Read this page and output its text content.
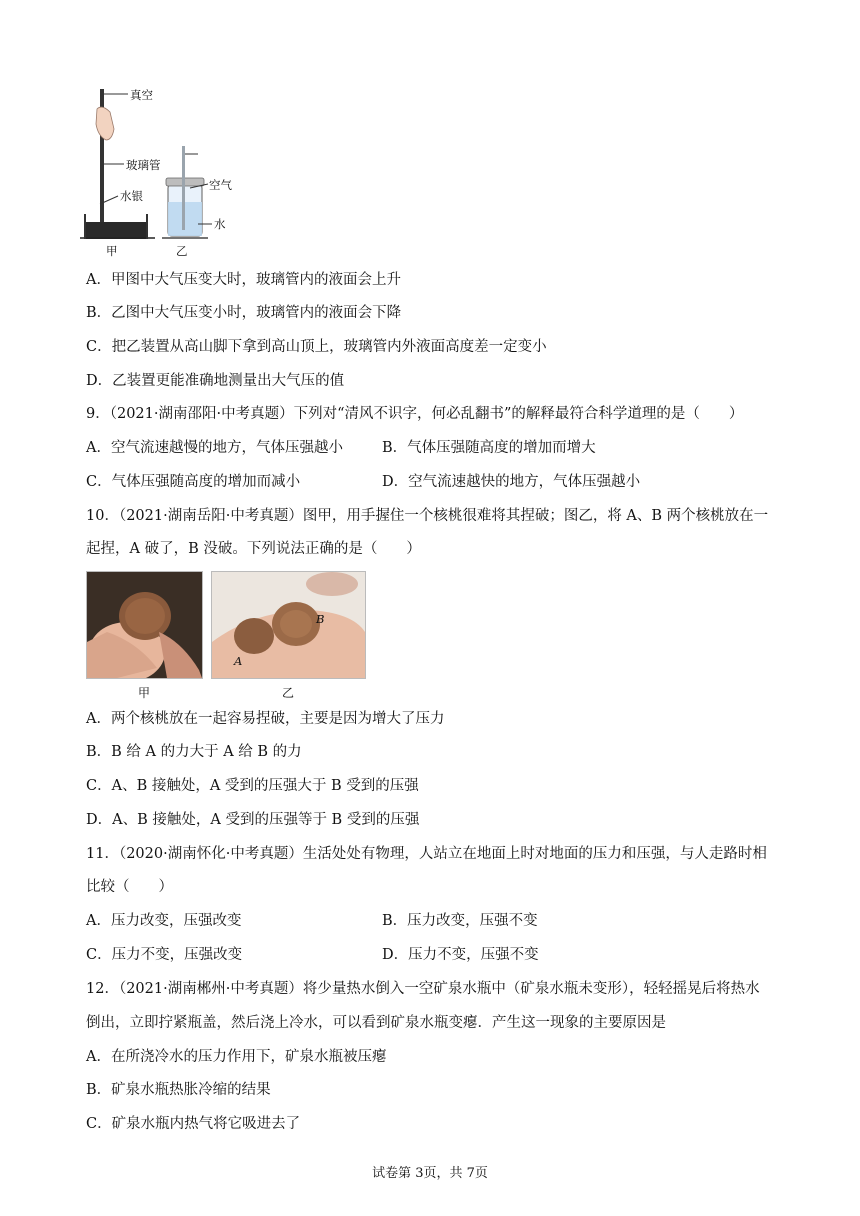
真空
玻璃管
水银
空气
水
甲	乙
A．甲图中大气压变大时，玻璃管内的液面会上升
B．乙图中大气压变小时，玻璃管内的液面会下降
C．把乙装置从高山脚下拿到高山顶上，玻璃管内外液面高度差一定变小
D．乙装置更能准确地测量出大气压的值
9．（2021·湖南邵阳·中考真题）下列对“清风不识字，何必乱翻书”的解释最符合科学道理的是（　　）
A．空气流速越慢的地方，气体压强越小	B．气体压强随高度的增加而增大
C．气体压强随高度的增加而减小	D．空气流速越快的地方，气体压强越小
10．（2021·湖南岳阳·中考真题）图甲，用手握住一个核桃很难将其捏破；图乙，将 A、B 两个核桃放在一
起捏，A 破了，B 没破。下列说法正确的是（　　）
A
B
甲	乙
A．两个核桃放在一起容易捏破，主要是因为增大了压力
B．B 给 A 的力大于 A 给 B 的力
C．A、B 接触处，A 受到的压强大于 B 受到的压强
D．A、B 接触处，A 受到的压强等于 B 受到的压强
11．（2020·湖南怀化·中考真题）生活处处有物理，人站立在地面上时对地面的压力和压强，与人走路时相
比较（　　）
A．压力改变，压强改变	B．压力改变，压强不变
C．压力不变，压强改变	D．压力不变，压强不变
12．（2021·湖南郴州·中考真题）将少量热水倒入一空矿泉水瓶中（矿泉水瓶未变形），轻轻摇晃后将热水
倒出，立即拧紧瓶盖，然后浇上冷水，可以看到矿泉水瓶变瘪．产生这一现象的主要原因是
A．在所浇冷水的压力作用下，矿泉水瓶被压瘪
B．矿泉水瓶热胀冷缩的结果
C．矿泉水瓶内热气将它吸进去了
试卷第 3页，共 7页
